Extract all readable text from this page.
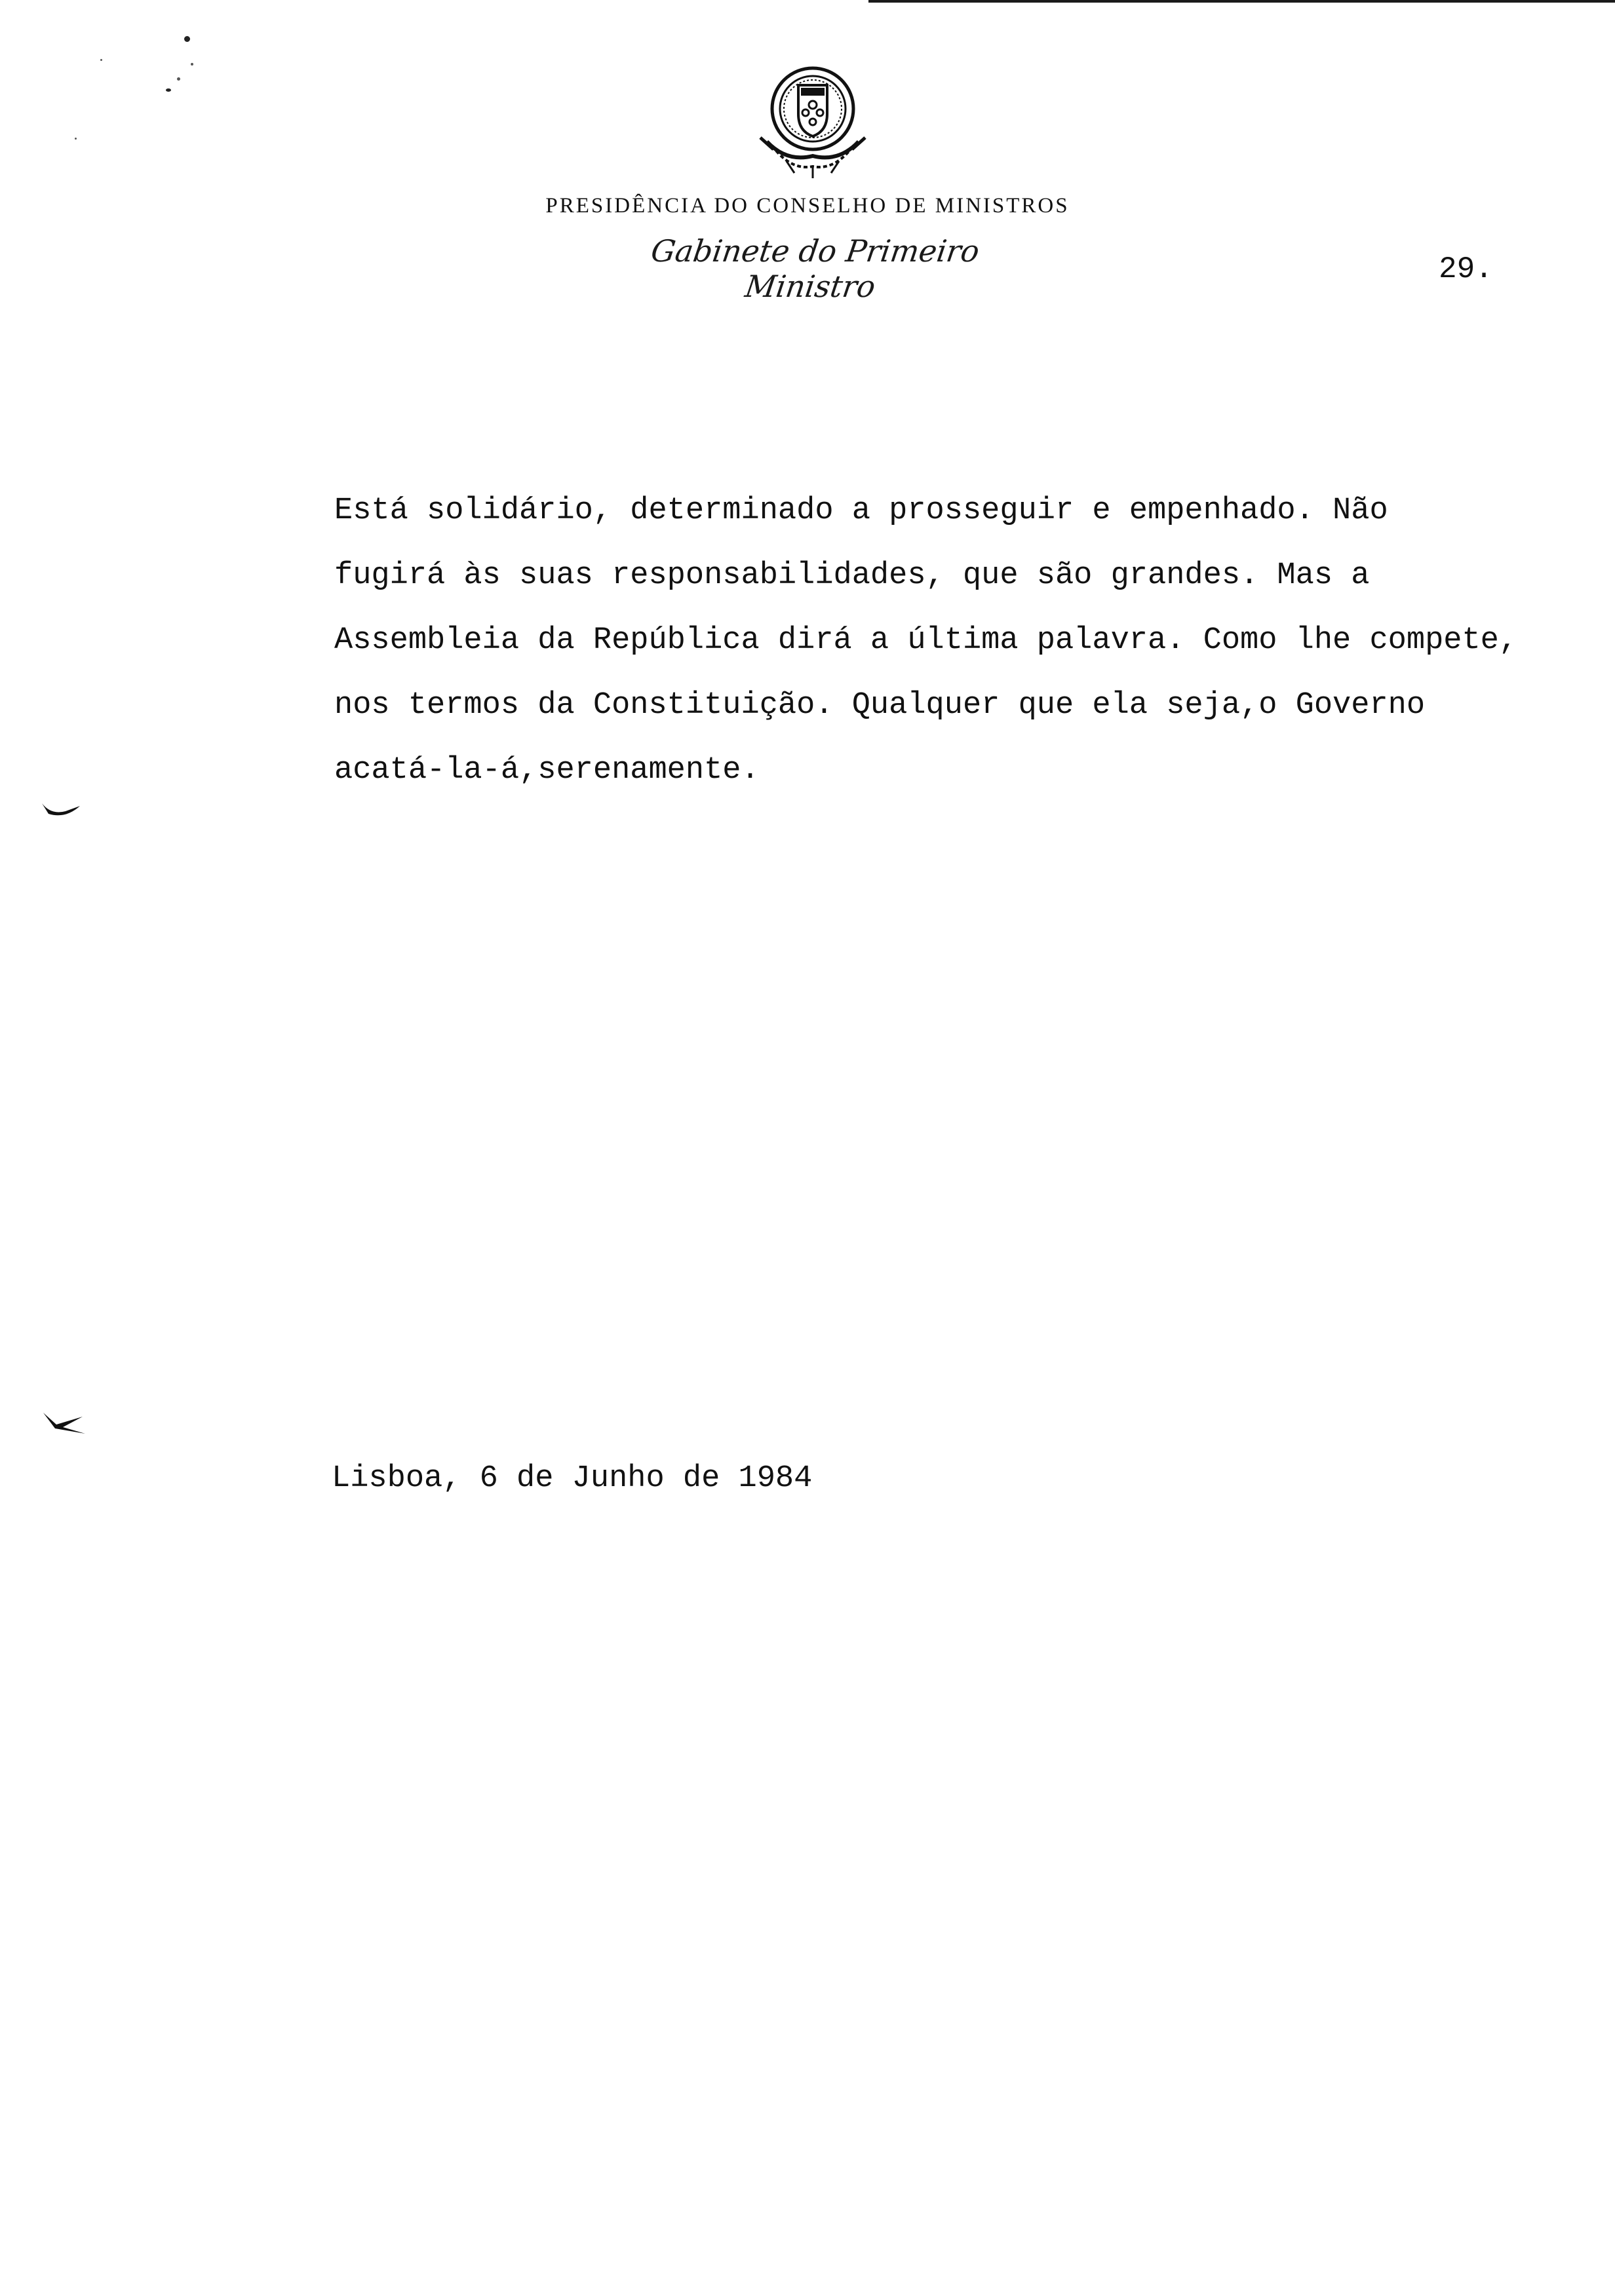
PRESIDÊNCIA DO CONSELHO DE MINISTROS
Gabinete do Primeiro Ministro	29.
Está solidário, determinado a prosseguir e empenhado. Não
fugirá às suas responsabilidades, que são grandes. Mas a
Assembleia da República dirá a última palavra. Como lhe compete,
nos termos da Constituição. Qualquer que ela seja,o Governo
acatá-la-á,serenamente.
Lisboa, 6 de Junho de 1984
